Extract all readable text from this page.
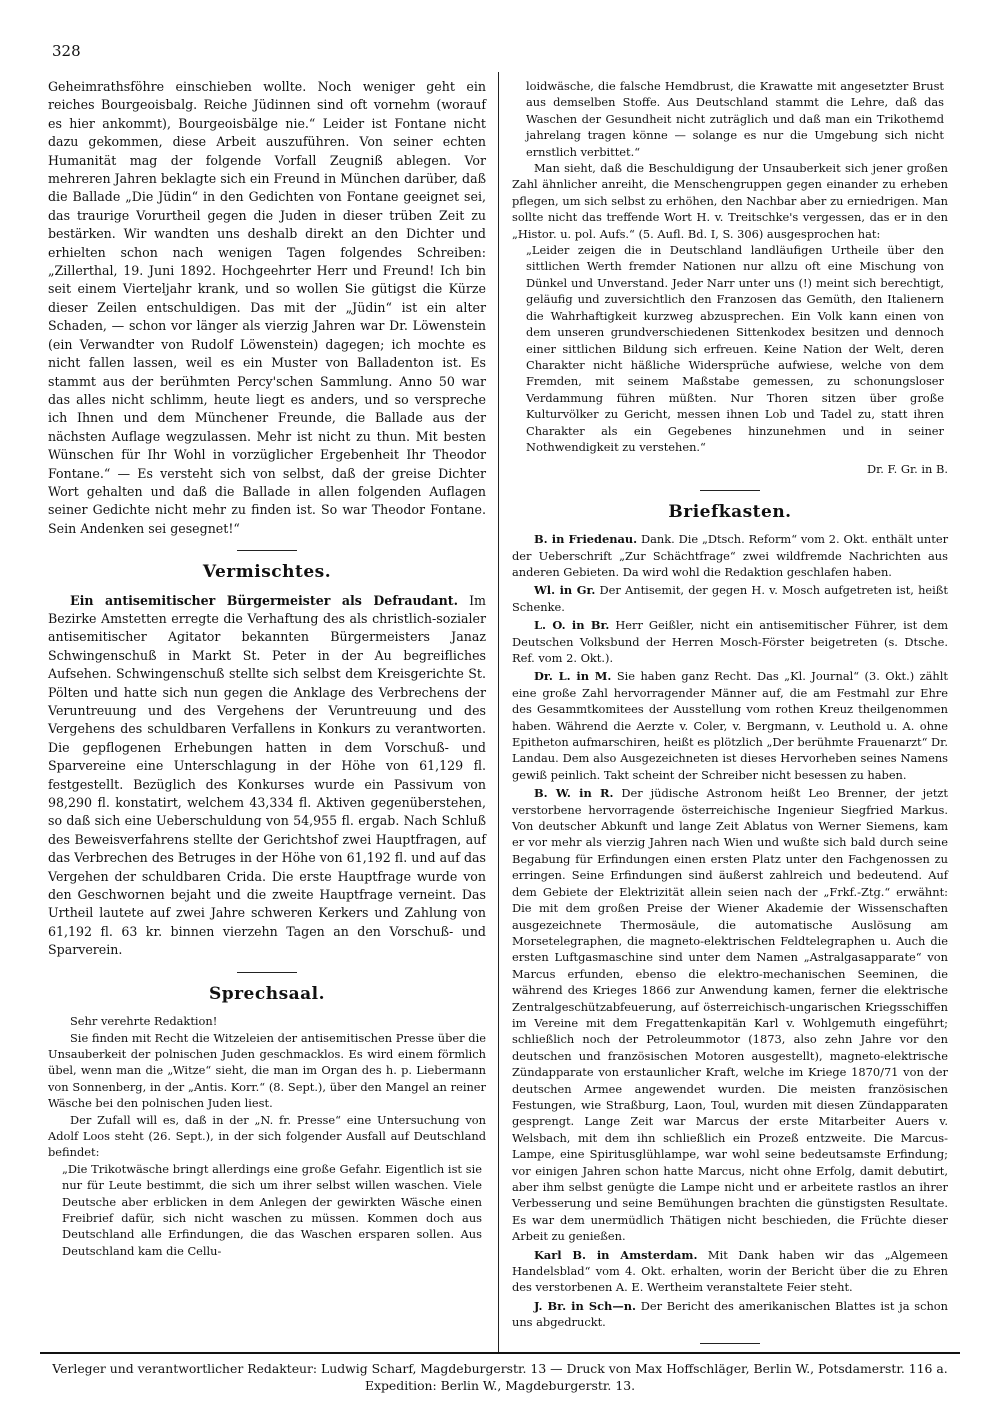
328

Geheimrathsföhre einschieben wollte. Noch weniger geht ein reiches Bourgeoisbalg. Reiche Jüdinnen sind oft vornehm (worauf es hier ankommt), Bourgeoisbälge nie.“ Leider ist Fontane nicht dazu gekommen, diese Arbeit auszuführen. Von seiner echten Humanität mag der folgende Vorfall Zeugniß ablegen. Vor mehreren Jahren beklagte sich ein Freund in München darüber, daß die Ballade „Die Jüdin“ in den Gedichten von Fontane geeignet sei, das traurige Vorurtheil gegen die Juden in dieser trüben Zeit zu bestärken. Wir wandten uns deshalb direkt an den Dichter und erhielten schon nach wenigen Tagen folgendes Schreiben: „Zillerthal, 19. Juni 1892. Hochgeehrter Herr und Freund! Ich bin seit einem Vierteljahr krank, und so wollen Sie gütigst die Kürze dieser Zeilen entschuldigen. Das mit der „Jüdin“ ist ein alter Schaden, — schon vor länger als vierzig Jahren war Dr. Löwenstein (ein Verwandter von Rudolf Löwenstein) dagegen; ich mochte es nicht fallen lassen, weil es ein Muster von Balladenton ist. Es stammt aus der berühmten Percy'schen Sammlung. Anno 50 war das alles nicht schlimm, heute liegt es anders, und so verspreche ich Ihnen und dem Münchener Freunde, die Ballade aus der nächsten Auflage wegzulassen. Mehr ist nicht zu thun. Mit besten Wünschen für Ihr Wohl in vorzüglicher Ergebenheit Ihr Theodor Fontane.“ — Es versteht sich von selbst, daß der greise Dichter Wort gehalten und daß die Ballade in allen folgenden Auflagen seiner Gedichte nicht mehr zu finden ist. So war Theodor Fontane. Sein Andenken sei gesegnet!“

Vermischtes.

Ein antisemitischer Bürgermeister als Defraudant. Im Bezirke Amstetten erregte die Verhaftung des als christlich-sozialer antisemitischer Agitator bekannten Bürgermeisters Janaz Schwingenschuß in Markt St. Peter in der Au begreifliches Aufsehen. Schwingenschuß stellte sich selbst dem Kreisgerichte St. Pölten und hatte sich nun gegen die Anklage des Verbrechens der Veruntreuung und des Vergehens der Veruntreuung und des Vergehens des schuldbaren Verfallens in Konkurs zu verantworten. Die gepflogenen Erhebungen hatten in dem Vorschuß- und Sparvereine eine Unterschlagung in der Höhe von 61,129 fl. festgestellt. Bezüglich des Konkurses wurde ein Passivum von 98,290 fl. konstatirt, welchem 43,334 fl. Aktiven gegenüberstehen, so daß sich eine Ueberschuldung von 54,955 fl. ergab. Nach Schluß des Beweisverfahrens stellte der Gerichtshof zwei Hauptfragen, auf das Verbrechen des Betruges in der Höhe von 61,192 fl. und auf das Vergehen der schuldbaren Crida. Die erste Hauptfrage wurde von den Geschwornen bejaht und die zweite Hauptfrage verneint. Das Urtheil lautete auf zwei Jahre schweren Kerkers und Zahlung von 61,192 fl. 63 kr. binnen vierzehn Tagen an den Vorschuß- und Sparverein.

Sprechsaal.

Sehr verehrte Redaktion!

Sie finden mit Recht die Witzeleien der antisemitischen Presse über die Unsauberkeit der polnischen Juden geschmacklos. Es wird einem förmlich übel, wenn man die „Witze“ sieht, die man im Organ des h. p. Liebermann von Sonnenberg, in der „Antis. Korr.“ (8. Sept.), über den Mangel an reiner Wäsche bei den polnischen Juden liest.

Der Zufall will es, daß in der „N. fr. Presse“ eine Untersuchung von Adolf Loos steht (26. Sept.), in der sich folgender Ausfall auf Deutschland befindet:

„Die Trikotwäsche bringt allerdings eine große Gefahr. Eigentlich ist sie nur für Leute bestimmt, die sich um ihrer selbst willen waschen. Viele Deutsche aber erblicken in dem Anlegen der gewirkten Wäsche einen Freibrief dafür, sich nicht waschen zu müssen. Kommen doch aus Deutschland alle Erfindungen, die das Waschen ersparen sollen. Aus Deutschland kam die Cellu-

loidwäsche, die falsche Hemdbrust, die Krawatte mit angesetzter Brust aus demselben Stoffe. Aus Deutschland stammt die Lehre, daß das Waschen der Gesundheit nicht zuträglich und daß man ein Trikothemd jahrelang tragen könne — solange es nur die Umgebung sich nicht ernstlich verbittet.“

Man sieht, daß die Beschuldigung der Unsauberkeit sich jener großen Zahl ähnlicher anreiht, die Menschengruppen gegen einander zu erheben pflegen, um sich selbst zu erhöhen, den Nachbar aber zu erniedrigen. Man sollte nicht das treffende Wort H. v. Treitschke's vergessen, das er in den „Histor. u. pol. Aufs.“ (5. Aufl. Bd. I, S. 306) ausgesprochen hat:

„Leider zeigen die in Deutschland landläufigen Urtheile über den sittlichen Werth fremder Nationen nur allzu oft eine Mischung von Dünkel und Unverstand. Jeder Narr unter uns (!) meint sich berechtigt, geläufig und zuversichtlich den Franzosen das Gemüth, den Italienern die Wahrhaftigkeit kurzweg abzusprechen. Ein Volk kann einen von dem unseren grundverschiedenen Sittenkodex besitzen und dennoch einer sittlichen Bildung sich erfreuen. Keine Nation der Welt, deren Charakter nicht häßliche Widersprüche aufwiese, welche von dem Fremden, mit seinem Maßstabe gemessen, zu schonungsloser Verdammung führen müßten. Nur Thoren sitzen über große Kulturvölker zu Gericht, messen ihnen Lob und Tadel zu, statt ihren Charakter als ein Gegebenes hinzunehmen und in seiner Nothwendigkeit zu verstehen.“

Dr. F. Gr. in B.

Briefkasten.

B. in Friedenau. Dank. Die „Dtsch. Reform“ vom 2. Okt. enthält unter der Ueberschrift „Zur Schächtfrage“ zwei wildfremde Nachrichten aus anderen Gebieten. Da wird wohl die Redaktion geschlafen haben.

Wl. in Gr. Der Antisemit, der gegen H. v. Mosch aufgetreten ist, heißt Schenke.

L. O. in Br. Herr Geißler, nicht ein antisemitischer Führer, ist dem Deutschen Volksbund der Herren Mosch-Förster beigetreten (s. Dtsche. Ref. vom 2. Okt.).

Dr. L. in M. Sie haben ganz Recht. Das „Kl. Journal“ (3. Okt.) zählt eine große Zahl hervorragender Männer auf, die am Festmahl zur Ehre des Gesammtkomitees der Ausstellung vom rothen Kreuz theilgenommen haben. Während die Aerzte v. Coler, v. Bergmann, v. Leuthold u. A. ohne Epitheton aufmarschiren, heißt es plötzlich „Der berühmte Frauenarzt“ Dr. Landau. Dem also Ausgezeichneten ist dieses Hervorheben seines Namens gewiß peinlich. Takt scheint der Schreiber nicht besessen zu haben.

B. W. in R. Der jüdische Astronom heißt Leo Brenner, der jetzt verstorbene hervorragende österreichische Ingenieur Siegfried Markus. Von deutscher Abkunft und lange Zeit Ablatus von Werner Siemens, kam er vor mehr als vierzig Jahren nach Wien und wußte sich bald durch seine Begabung für Erfindungen einen ersten Platz unter den Fachgenossen zu erringen. Seine Erfindungen sind äußerst zahlreich und bedeutend. Auf dem Gebiete der Elektrizität allein seien nach der „Frkf.-Ztg.“ erwähnt: Die mit dem großen Preise der Wiener Akademie der Wissenschaften ausgezeichnete Thermosäule, die automatische Auslösung am Morsetelegraphen, die magneto-elektrischen Feldtelegraphen u. Auch die ersten Luftgasmaschine sind unter dem Namen „Astralgasapparate“ von Marcus erfunden, ebenso die elektro-mechanischen Seeminen, die während des Krieges 1866 zur Anwendung kamen, ferner die elektrische Zentralgeschützabfeuerung, auf österreichisch-ungarischen Kriegsschiffen im Vereine mit dem Fregattenkapitän Karl v. Wohlgemuth eingeführt; schließlich noch der Petroleummotor (1873, also zehn Jahre vor den deutschen und französischen Motoren ausgestellt), magneto-elektrische Zündapparate von erstaunlicher Kraft, welche im Kriege 1870/71 von der deutschen Armee angewendet wurden. Die meisten französischen Festungen, wie Straßburg, Laon, Toul, wurden mit diesen Zündapparaten gesprengt. Lange Zeit war Marcus der erste Mitarbeiter Auers v. Welsbach, mit dem ihn schließlich ein Prozeß entzweite. Die Marcus-Lampe, eine Spiritusglühlampe, war wohl seine bedeutsamste Erfindung; vor einigen Jahren schon hatte Marcus, nicht ohne Erfolg, damit debutirt, aber ihm selbst genügte die Lampe nicht und er arbeitete rastlos an ihrer Verbesserung und seine Bemühungen brachten die günstigsten Resultate. Es war dem unermüdlich Thätigen nicht beschieden, die Früchte dieser Arbeit zu genießen.

Karl B. in Amsterdam. Mit Dank haben wir das „Algemeen Handelsblad“ vom 4. Okt. erhalten, worin der Bericht über die zu Ehren des verstorbenen A. E. Wertheim veranstaltete Feier steht.

J. Br. in Sch—n. Der Bericht des amerikanischen Blattes ist ja schon uns abgedruckt.

Verleger und verantwortlicher Redakteur: Ludwig Scharf, Magdeburgerstr. 13 — Druck von Max Hoffschläger, Berlin W., Potsdamerstr. 116 a.
Expedition: Berlin W., Magdeburgerstr. 13.
